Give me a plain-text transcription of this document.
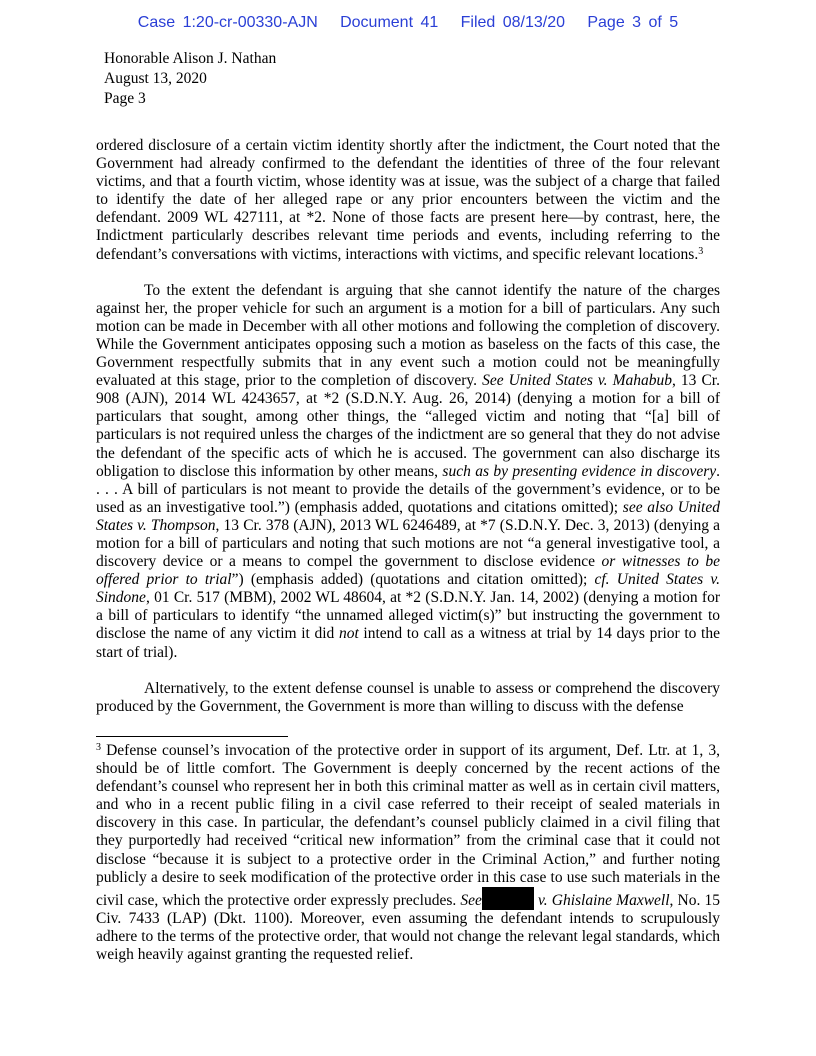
Case 1:20-cr-00330-AJN Document 41 Filed 08/13/20 Page 3 of 5
Honorable Alison J. Nathan
August 13, 2020
Page 3

ordered disclosure of a certain victim identity shortly after the indictment, the Court noted that the Government had already confirmed to the defendant the identities of three of the four relevant victims, and that a fourth victim, whose identity was at issue, was the subject of a charge that failed to identify the date of her alleged rape or any prior encounters between the victim and the defendant. 2009 WL 427111, at *2. None of those facts are present here—by contrast, here, the Indictment particularly describes relevant time periods and events, including referring to the defendant’s conversations with victims, interactions with victims, and specific relevant locations.$^3$

To the extent the defendant is arguing that she cannot identify the nature of the charges against her, the proper vehicle for such an argument is a motion for a bill of particulars. Any such motion can be made in December with all other motions and following the completion of discovery. While the Government anticipates opposing such a motion as baseless on the facts of this case, the Government respectfully submits that in any event such a motion could not be meaningfully evaluated at this stage, prior to the completion of discovery. See United States v. Mahabub, 13 Cr. 908 (AJN), 2014 WL 4243657, at *2 (S.D.N.Y. Aug. 26, 2014) (denying a motion for a bill of particulars that sought, among other things, the “alleged victim and noting that “[a] bill of particulars is not required unless the charges of the indictment are so general that they do not advise the defendant of the specific acts of which he is accused. The government can also discharge its obligation to disclose this information by other means, such as by presenting evidence in discovery. . . . A bill of particulars is not meant to provide the details of the government’s evidence, or to be used as an investigative tool.”) (emphasis added, quotations and citations omitted); see also United States v. Thompson, 13 Cr. 378 (AJN), 2013 WL 6246489, at *7 (S.D.N.Y. Dec. 3, 2013) (denying a motion for a bill of particulars and noting that such motions are not “a general investigative tool, a discovery device or a means to compel the government to disclose evidence or witnesses to be offered prior to trial”) (emphasis added) (quotations and citation omitted); cf. United States v. Sindone, 01 Cr. 517 (MBM), 2002 WL 48604, at *2 (S.D.N.Y. Jan. 14, 2002) (denying a motion for a bill of particulars to identify “the unnamed alleged victim(s)” but instructing the government to disclose the name of any victim it did not intend to call as a witness at trial by 14 days prior to the start of trial).

Alternatively, to the extent defense counsel is unable to assess or comprehend the discovery produced by the Government, the Government is more than willing to discuss with the defense

$^3$ Defense counsel’s invocation of the protective order in support of its argument, Def. Ltr. at 1, 3, should be of little comfort. The Government is deeply concerned by the recent actions of the defendant’s counsel who represent her in both this criminal matter as well as in certain civil matters, and who in a recent public filing in a civil case referred to their receipt of sealed materials in discovery in this case. In particular, the defendant’s counsel publicly claimed in a civil filing that they purportedly had received “critical new information” from the criminal case that it could not disclose “because it is subject to a protective order in the Criminal Action,” and further noting publicly a desire to seek modification of the protective order in this case to use such materials in the civil case, which the protective order expressly precludes. See	v. Ghislaine Maxwell, No. 15 Civ. 7433 (LAP) (Dkt. 1100). Moreover, even assuming the defendant intends to scrupulously adhere to the terms of the protective order, that would not change the relevant legal standards, which weigh heavily against granting the requested relief.
